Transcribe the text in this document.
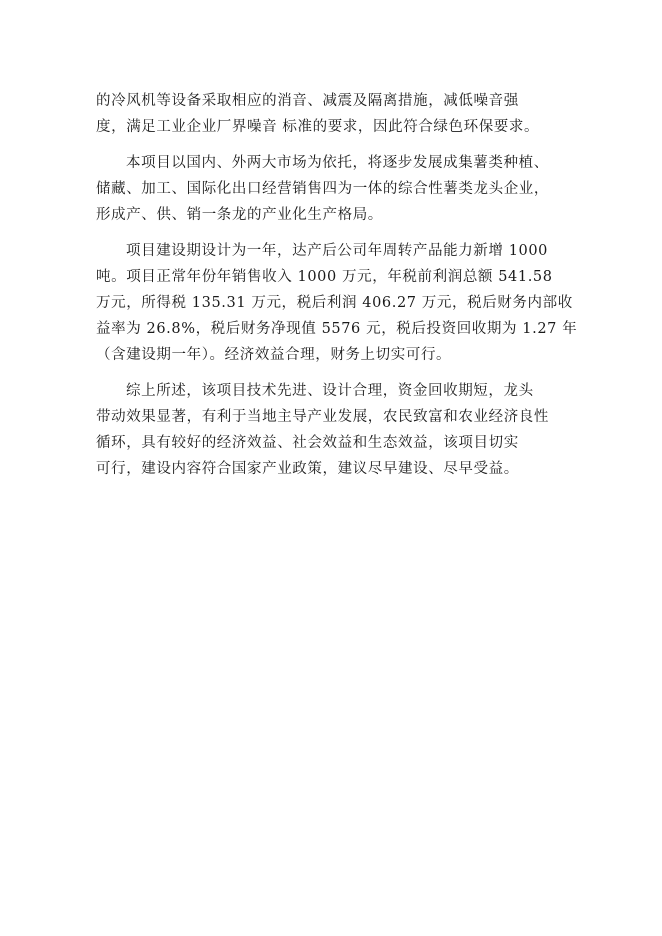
的冷风机等设备采取相应的消音、减震及隔离措施，减低噪音强
度，满足工业企业厂界噪音 标准的要求，因此符合绿色环保要求。
本项目以国内、外两大市场为依托，将逐步发展成集薯类种植、
储藏、加工、国际化出口经营销售四为一体的综合性薯类龙头企业，
形成产、供、销一条龙的产业化生产格局。
项目建设期设计为一年，达产后公司年周转产品能力新增 1000
吨。项目正常年份年销售收入 1000 万元，年税前利润总额 541.58
万元，所得税 135.31 万元，税后利润 406.27 万元，税后财务内部收
益率为 26.8%，税后财务净现值 5576 元，税后投资回收期为 1.27 年
（含建设期一年）。经济效益合理，财务上切实可行。
综上所述，该项目技术先进、设计合理，资金回收期短，龙头
带动效果显著，有利于当地主导产业发展，农民致富和农业经济良性
循环，具有较好的经济效益、社会效益和生态效益，该项目切实
可行，建设内容符合国家产业政策，建议尽早建设、尽早受益。
